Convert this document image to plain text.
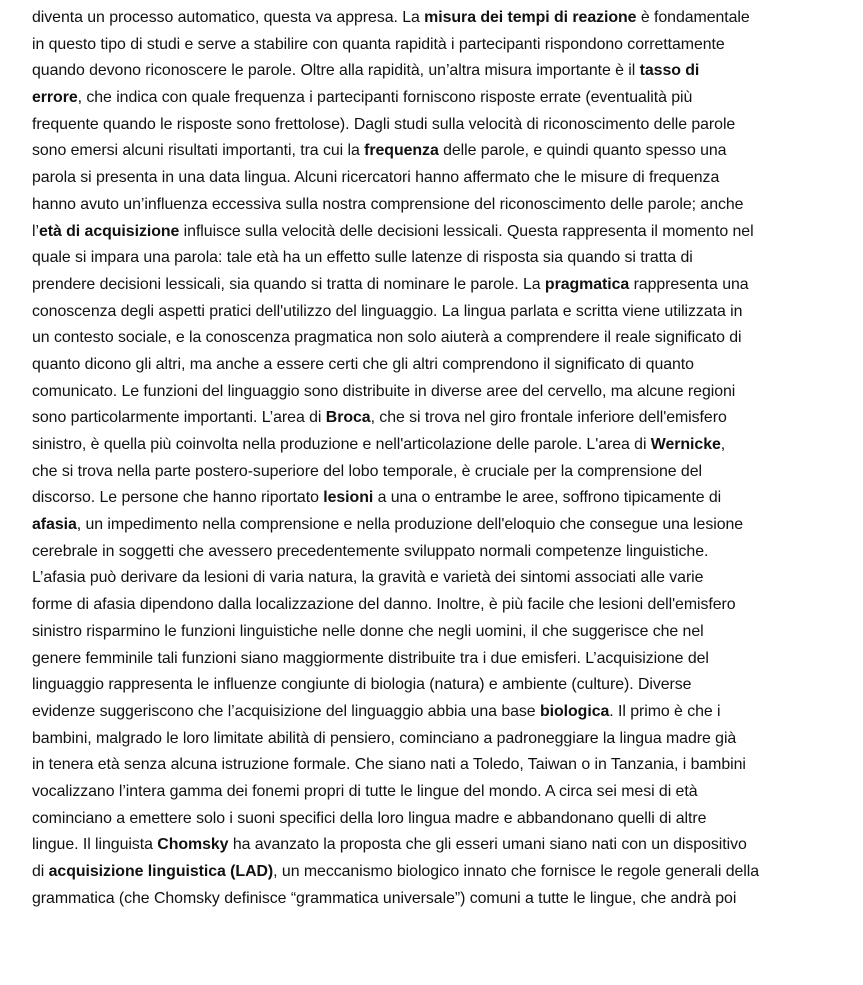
diventa un processo automatico, questa va appresa. La misura dei tempi di reazione è fondamentale
in questo tipo di studi e serve a stabilire con quanta rapidità i partecipanti rispondono correttamente
quando devono riconoscere le parole. Oltre alla rapidità, un’altra misura importante è il tasso di
errore, che indica con quale frequenza i partecipanti forniscono risposte errate (eventualità più
frequente quando le risposte sono frettolose). Dagli studi sulla velocità di riconoscimento delle parole
sono emersi alcuni risultati importanti, tra cui la frequenza delle parole, e quindi quanto spesso una
parola si presenta in una data lingua. Alcuni ricercatori hanno affermato che le misure di frequenza
hanno avuto un’influenza eccessiva sulla nostra comprensione del riconoscimento delle parole; anche
l’età di acquisizione influisce sulla velocità delle decisioni lessicali. Questa rappresenta il momento nel
quale si impara una parola: tale età ha un effetto sulle latenze di risposta sia quando si tratta di
prendere decisioni lessicali, sia quando si tratta di nominare le parole. La pragmatica rappresenta una
conoscenza degli aspetti pratici dell'utilizzo del linguaggio. La lingua parlata e scritta viene utilizzata in
un contesto sociale, e la conoscenza pragmatica non solo aiuterà a comprendere il reale significato di
quanto dicono gli altri, ma anche a essere certi che gli altri comprendono il significato di quanto
comunicato. Le funzioni del linguaggio sono distribuite in diverse aree del cervello, ma alcune regioni
sono particolarmente importanti. L’area di Broca, che si trova nel giro frontale inferiore dell'emisfero
sinistro, è quella più coinvolta nella produzione e nell'articolazione delle parole. L'area di Wernicke,
che si trova nella parte postero-superiore del lobo temporale, è cruciale per la comprensione del
discorso. Le persone che hanno riportato lesioni a una o entrambe le aree, soffrono tipicamente di
afasia, un impedimento nella comprensione e nella produzione dell'eloquio che consegue una lesione
cerebrale in soggetti che avessero precedentemente sviluppato normali competenze linguistiche.
L’afasia può derivare da lesioni di varia natura, la gravità e varietà dei sintomi associati alle varie
forme di afasia dipendono dalla localizzazione del danno. Inoltre, è più facile che lesioni dell'emisfero
sinistro risparmino le funzioni linguistiche nelle donne che negli uomini, il che suggerisce che nel
genere femminile tali funzioni siano maggiormente distribuite tra i due emisferi. L’acquisizione del
linguaggio rappresenta le influenze congiunte di biologia (natura) e ambiente (culture). Diverse
evidenze suggeriscono che l’acquisizione del linguaggio abbia una base biologica. Il primo è che i
bambini, malgrado le loro limitate abilità di pensiero, cominciano a padroneggiare la lingua madre già
in tenera età senza alcuna istruzione formale. Che siano nati a Toledo, Taiwan o in Tanzania, i bambini
vocalizzano l’intera gamma dei fonemi propri di tutte le lingue del mondo. A circa sei mesi di età
cominciano a emettere solo i suoni specifici della loro lingua madre e abbandonano quelli di altre
lingue. Il linguista Chomsky ha avanzato la proposta che gli esseri umani siano nati con un dispositivo
di acquisizione linguistica (LAD), un meccanismo biologico innato che fornisce le regole generali della
grammatica (che Chomsky definisce “grammatica universale”) comuni a tutte le lingue, che andrà poi
